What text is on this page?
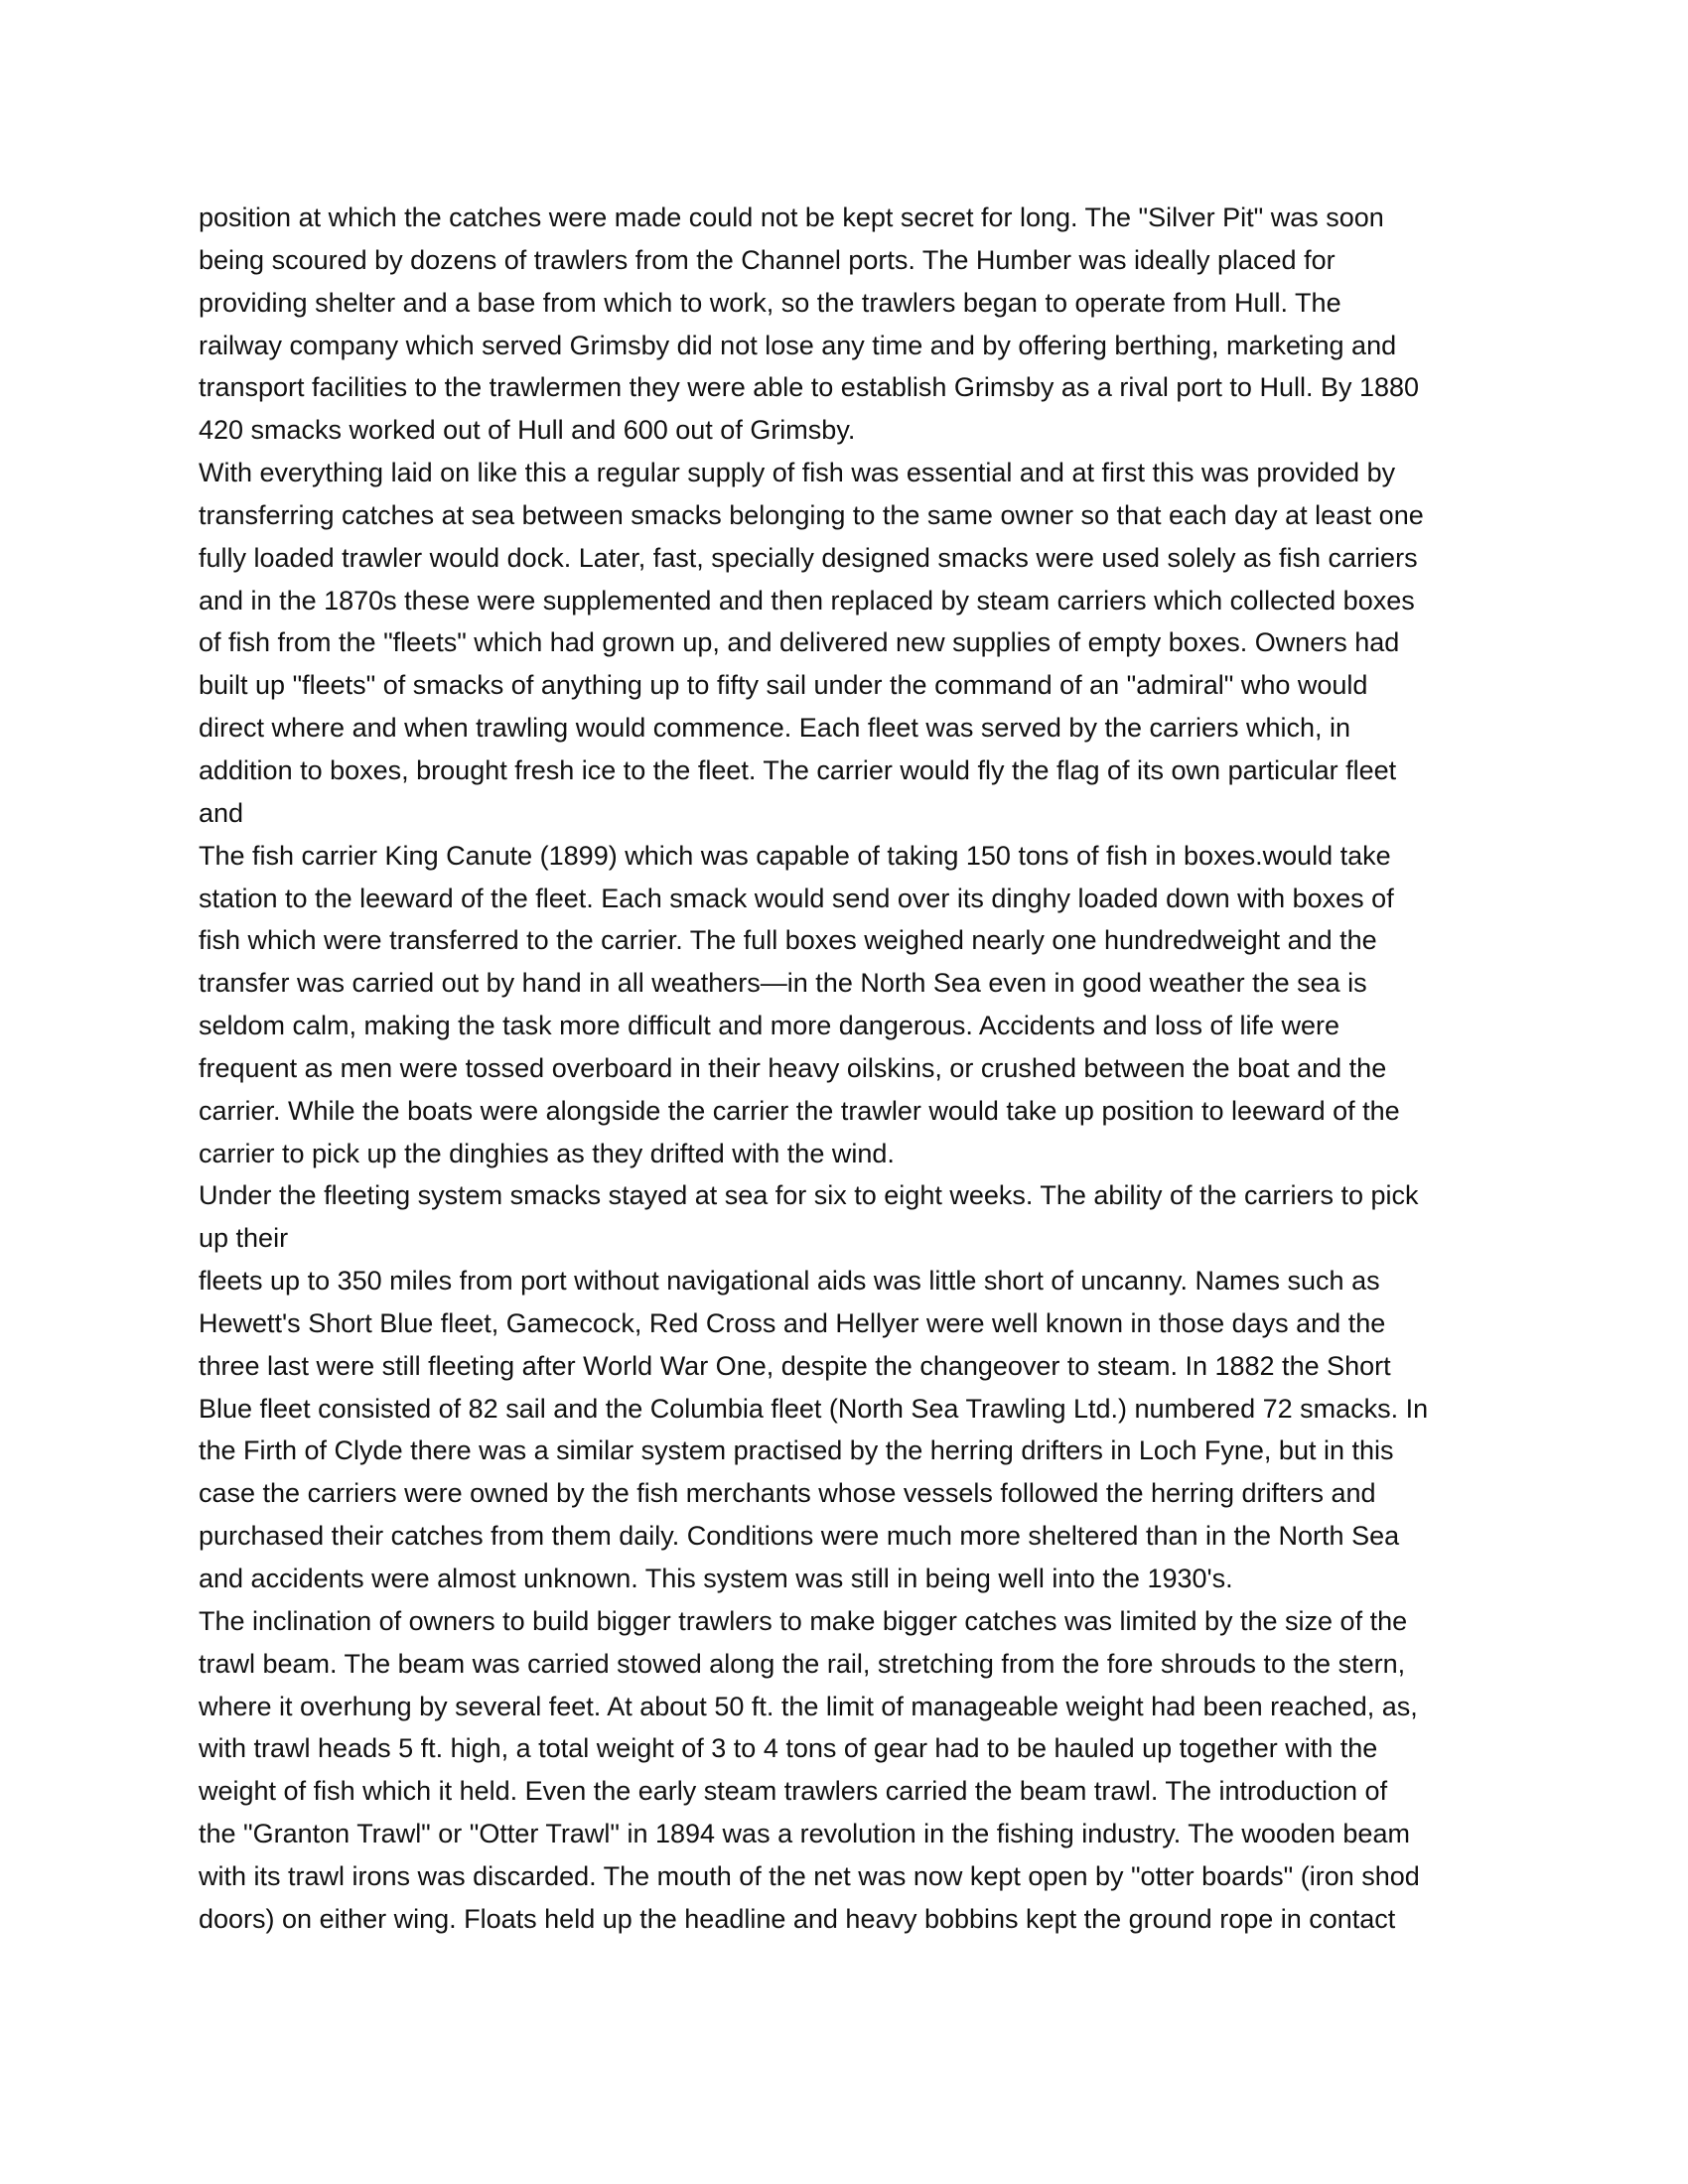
position at which the catches were made could not be kept secret for long. The "Silver Pit" was soon
being scoured by dozens of trawlers from the Channel ports. The Humber was ideally placed for
providing shelter and a base from which to work, so the trawlers began to operate from Hull. The
railway company which served Grimsby did not lose any time and by offering berthing, marketing and
transport facilities to the trawlermen they were able to establish Grimsby as a rival port to Hull. By 1880
420 smacks worked out of Hull and 600 out of Grimsby.
With everything laid on like this a regular supply of fish was essential and at first this was provided by
transferring catches at sea between smacks belonging to the same owner so that each day at least one
fully loaded trawler would dock. Later, fast, specially designed smacks were used solely as fish carriers
and in the 1870s these were supplemented and then replaced by steam carriers which collected boxes
of fish from the "fleets" which had grown up, and delivered new supplies of empty boxes. Owners had
built up "fleets" of smacks of anything up to fifty sail under the command of an "admiral" who would
direct where and when trawling would commence. Each fleet was served by the carriers which, in
addition to boxes, brought fresh ice to the fleet. The carrier would fly the flag of its own particular fleet
and
The fish carrier King Canute (1899) which was capable of taking 150 tons of fish in boxes.would take
station to the leeward of the fleet. Each smack would send over its dinghy loaded down with boxes of
fish which were transferred to the carrier. The full boxes weighed nearly one hundredweight and the
transfer was carried out by hand in all weathers—in the North Sea even in good weather the sea is
seldom calm, making the task more difficult and more dangerous. Accidents and loss of life were
frequent as men were tossed overboard in their heavy oilskins, or crushed between the boat and the
carrier. While the boats were alongside the carrier the trawler would take up position to leeward of the
carrier to pick up the dinghies as they drifted with the wind.
Under the fleeting system smacks stayed at sea for six to eight weeks. The ability of the carriers to pick
up their
fleets up to 350 miles from port without navigational aids was little short of uncanny. Names such as
Hewett's Short Blue fleet, Gamecock, Red Cross and Hellyer were well known in those days and the
three last were still fleeting after World War One, despite the changeover to steam. In 1882 the Short
Blue fleet consisted of 82 sail and the Columbia fleet (North Sea Trawling Ltd.) numbered 72 smacks. In
the Firth of Clyde there was a similar system practised by the herring drifters in Loch Fyne, but in this
case the carriers were owned by the fish merchants whose vessels followed the herring drifters and
purchased their catches from them daily. Conditions were much more sheltered than in the North Sea
and accidents were almost unknown. This system was still in being well into the 1930's.
The inclination of owners to build bigger trawlers to make bigger catches was limited by the size of the
trawl beam. The beam was carried stowed along the rail, stretching from the fore shrouds to the stern,
where it overhung by several feet. At about 50 ft. the limit of manageable weight had been reached, as,
with trawl heads 5 ft. high, a total weight of 3 to 4 tons of gear had to be hauled up together with the
weight of fish which it held. Even the early steam trawlers carried the beam trawl. The introduction of
the "Granton Trawl" or "Otter Trawl" in 1894 was a revolution in the fishing industry. The wooden beam
with its trawl irons was discarded. The mouth of the net was now kept open by "otter boards" (iron shod
doors) on either wing. Floats held up the headline and heavy bobbins kept the ground rope in contact
